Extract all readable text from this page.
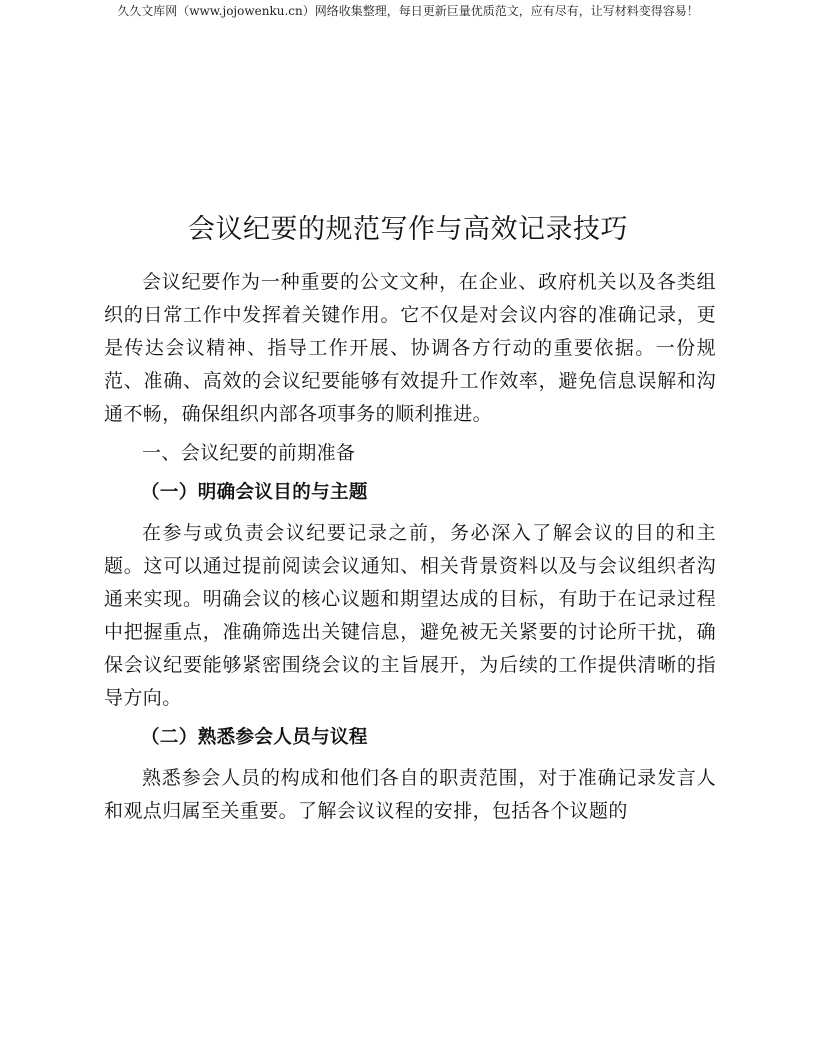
久久文库网（www.jojowenku.cn）网络收集整理，每日更新巨量优质范文，应有尽有，让写材料变得容易！
会议纪要的规范写作与高效记录技巧

会议纪要作为一种重要的公文文种，在企业、政府机关以及各类组织的日常工作中发挥着关键作用。它不仅是对会议内容的准确记录，更是传达会议精神、指导工作开展、协调各方行动的重要依据。一份规范、准确、高效的会议纪要能够有效提升工作效率，避免信息误解和沟通不畅，确保组织内部各项事务的顺利推进。

一、会议纪要的前期准备

（一）明确会议目的与主题

在参与或负责会议纪要记录之前，务必深入了解会议的目的和主题。这可以通过提前阅读会议通知、相关背景资料以及与会议组织者沟通来实现。明确会议的核心议题和期望达成的目标，有助于在记录过程中把握重点，准确筛选出关键信息，避免被无关紧要的讨论所干扰，确保会议纪要能够紧密围绕会议的主旨展开，为后续的工作提供清晰的指导方向。

（二）熟悉参会人员与议程

熟悉参会人员的构成和他们各自的职责范围，对于准确记录发言人和观点归属至关重要。了解会议议程的安排，包括各个议题的
